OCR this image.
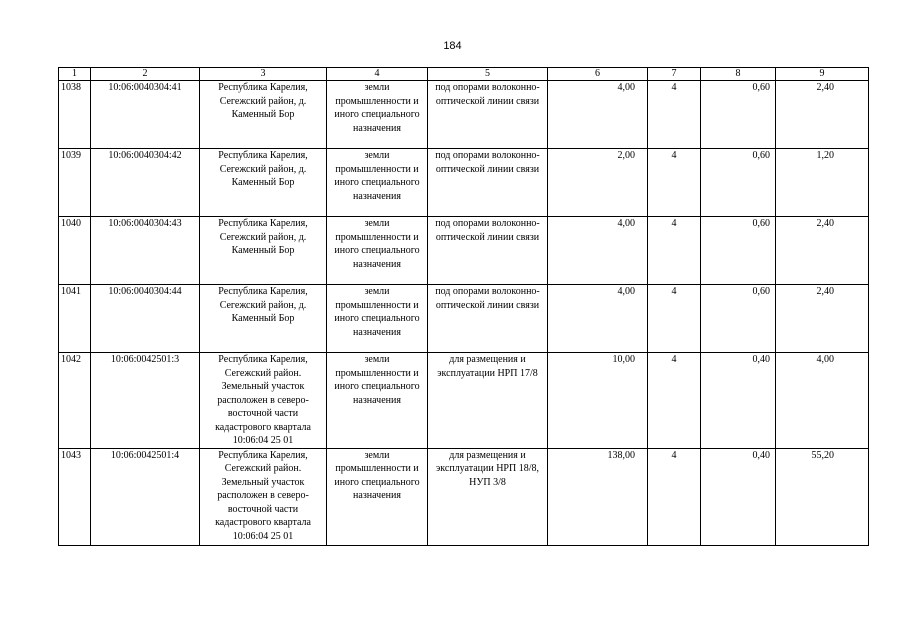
184
1	2	3	4	5	6	7	8	9
1038	10:06:0040304:41	Республика Карелия, Сегежский район, д. Каменный Бор	земли промышленности и иного специального назначения	под опорами волоконно-оптической линии связи	4,00	4	0,60	2,40
1039	10:06:0040304:42	Республика Карелия, Сегежский район, д. Каменный Бор	земли промышленности и иного специального назначения	под опорами волоконно-оптической линии связи	2,00	4	0,60	1,20
1040	10:06:0040304:43	Республика Карелия, Сегежский район, д. Каменный Бор	земли промышленности и иного специального назначения	под опорами волоконно-оптической линии связи	4,00	4	0,60	2,40
1041	10:06:0040304:44	Республика Карелия, Сегежский район, д. Каменный Бор	земли промышленности и иного специального назначения	под опорами волоконно-оптической линии связи	4,00	4	0,60	2,40
1042	10:06:0042501:3	Республика Карелия, Сегежский район. Земельный участок расположен в северо-восточной части кадастрового квартала 10:06:04 25 01	земли промышленности и иного специального назначения	для размещения и эксплуатации НРП 17/8	10,00	4	0,40	4,00
1043	10:06:0042501:4	Республика Карелия, Сегежский район. Земельный участок расположен в северо-восточной части кадастрового квартала 10:06:04 25 01	земли промышленности и иного специального назначения	для размещения и эксплуатации НРП 18/8, НУП 3/8	138,00	4	0,40	55,20
